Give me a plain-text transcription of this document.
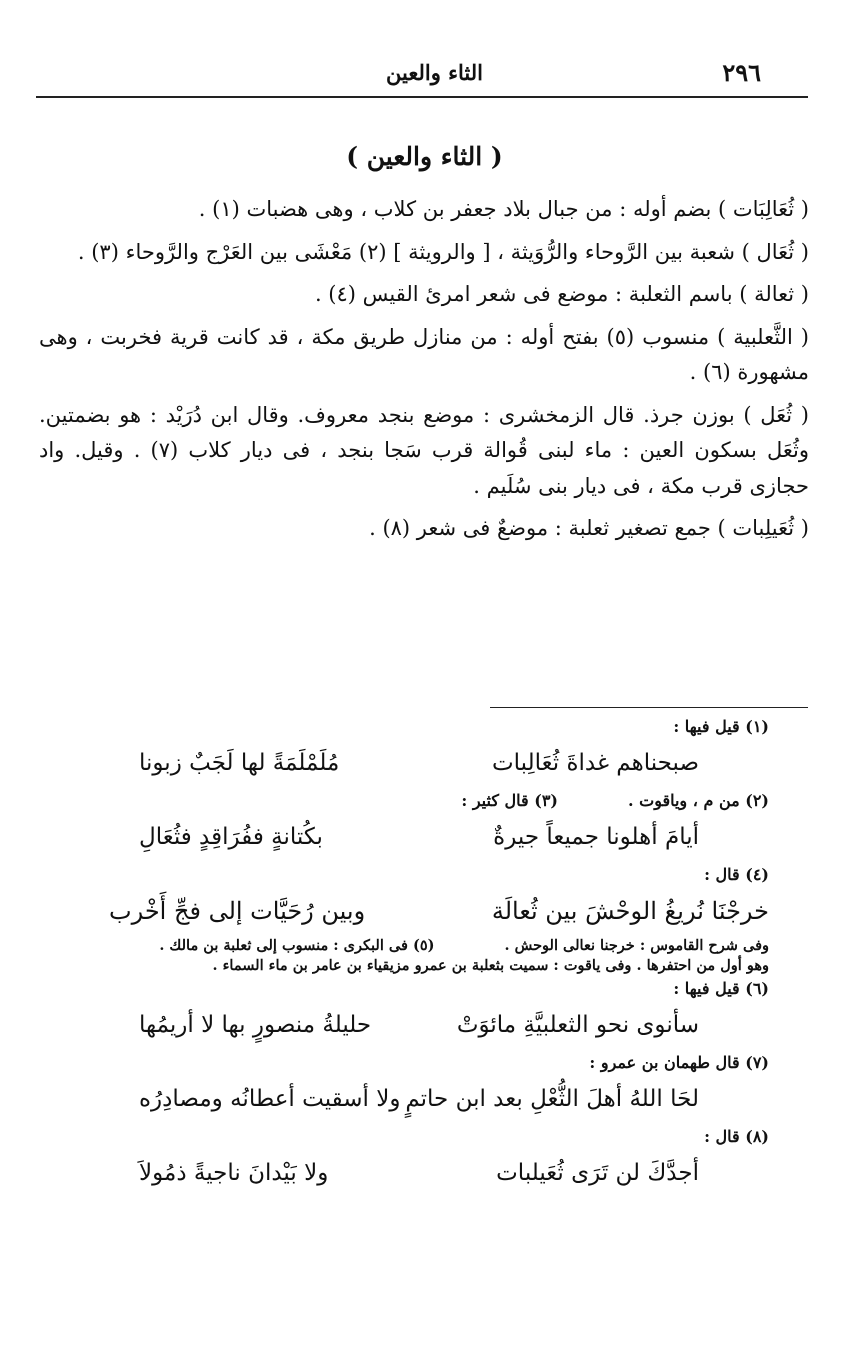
٢٩٦
الثاء والعين
( الثاء والعين )

( ثُعَالِبَات ) بضم أوله : من جبال بلاد جعفر بن كلاب ، وهى هضبات (١) .

( ثُعَال ) شعبة بين الرَّوحاء والرُّوَيثة ، [ والرويثة ] (٢) مَعْشَى بين العَرْج والرَّوحاء (٣) .

( ثعالة ) باسم الثعلبة : موضع فى شعر امرئ القيس (٤) .

( الثَّعلبية ) منسوب (٥) بفتح أوله : من منازل طريق مكة ، قد كانت قرية فخربت ، وهى مشهورة (٦) .

( ثُعَل ) بوزن جرذ. قال الزمخشرى : موضع بنجد معروف. وقال ابن دُرَيْد : هو بضمتين. وثُعَل بسكون العين : ماء لبنى قُوالة قرب سَجا بنجد ، فى ديار كلاب (٧) . وقيل. واد حجازى قرب مكة ، فى ديار بنى سُلَيم .

( ثُعَيلِبات ) جمع تصغير ثعلبة : موضعٌ فى شعر (٨) .

(١) قيل فيها :

صبحناهم غداةَ ثُعَالِبات
مُلَمْلَمَةً لها لَجَبٌ زبونا

(٢) من م ، وياقوت .

(٣) قال كثير :

أيامَ أهلونا جميعاً جيرةٌ
بكُتانةٍ ففُرَاقِدٍ فثُعَالِ

(٤) قال :

خرجْنَا نُريغُ الوحْشَ بين ثُعالَة
وبين رُحَيَّات إلى فجِّ أَخْرب

وفى شرح القاموس : خرجنا نعالى الوحش .

(٥) فى البكرى : منسوب إلى ثعلبة بن مالك .

وهو أول من احتفرها . وفى ياقوت : سميت بثعلبة بن عمرو مزيقياء بن عامر بن ماء السماء .

(٦) قيل فيها :

سأنوى نحو الثعلبيَّةِ مائوَتْ
حليلةُ منصورٍ بها لا أريمُها

(٧) قال طهمان بن عمرو :

لحَا اللهُ أهلَ الثُّعْلِ بعد ابن حاتمٍ
ولا أسقيت أعطانُه ومصادِرُه

(٨) قال :

أجدَّكَ لن تَرَى ثُعَيلبات
ولا بَيْدانَ ناجيةً ذمُولاَ
